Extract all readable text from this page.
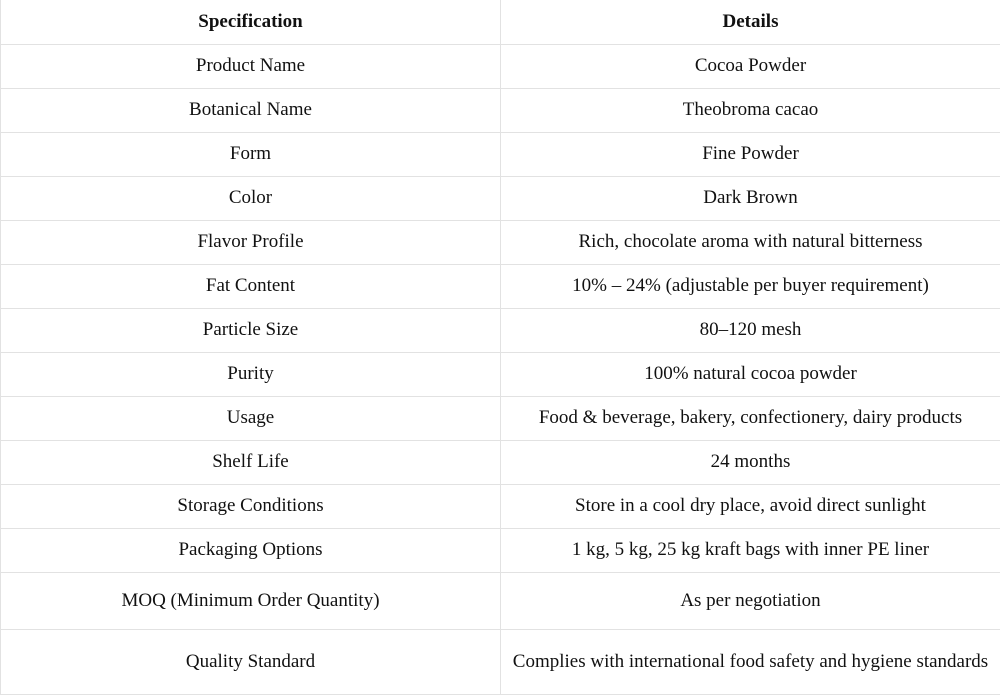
Specification	Details
Product Name	Cocoa Powder
Botanical Name	Theobroma cacao
Form	Fine Powder
Color	Dark Brown
Flavor Profile	Rich, chocolate aroma with natural bitterness
Fat Content	10% – 24% (adjustable per buyer requirement)
Particle Size	80–120 mesh
Purity	100% natural cocoa powder
Usage	Food & beverage, bakery, confectionery, dairy products
Shelf Life	24 months
Storage Conditions	Store in a cool dry place, avoid direct sunlight
Packaging Options	1 kg, 5 kg, 25 kg kraft bags with inner PE liner
MOQ (Minimum Order Quantity)	As per negotiation
Quality Standard	Complies with international food safety and hygiene standards
